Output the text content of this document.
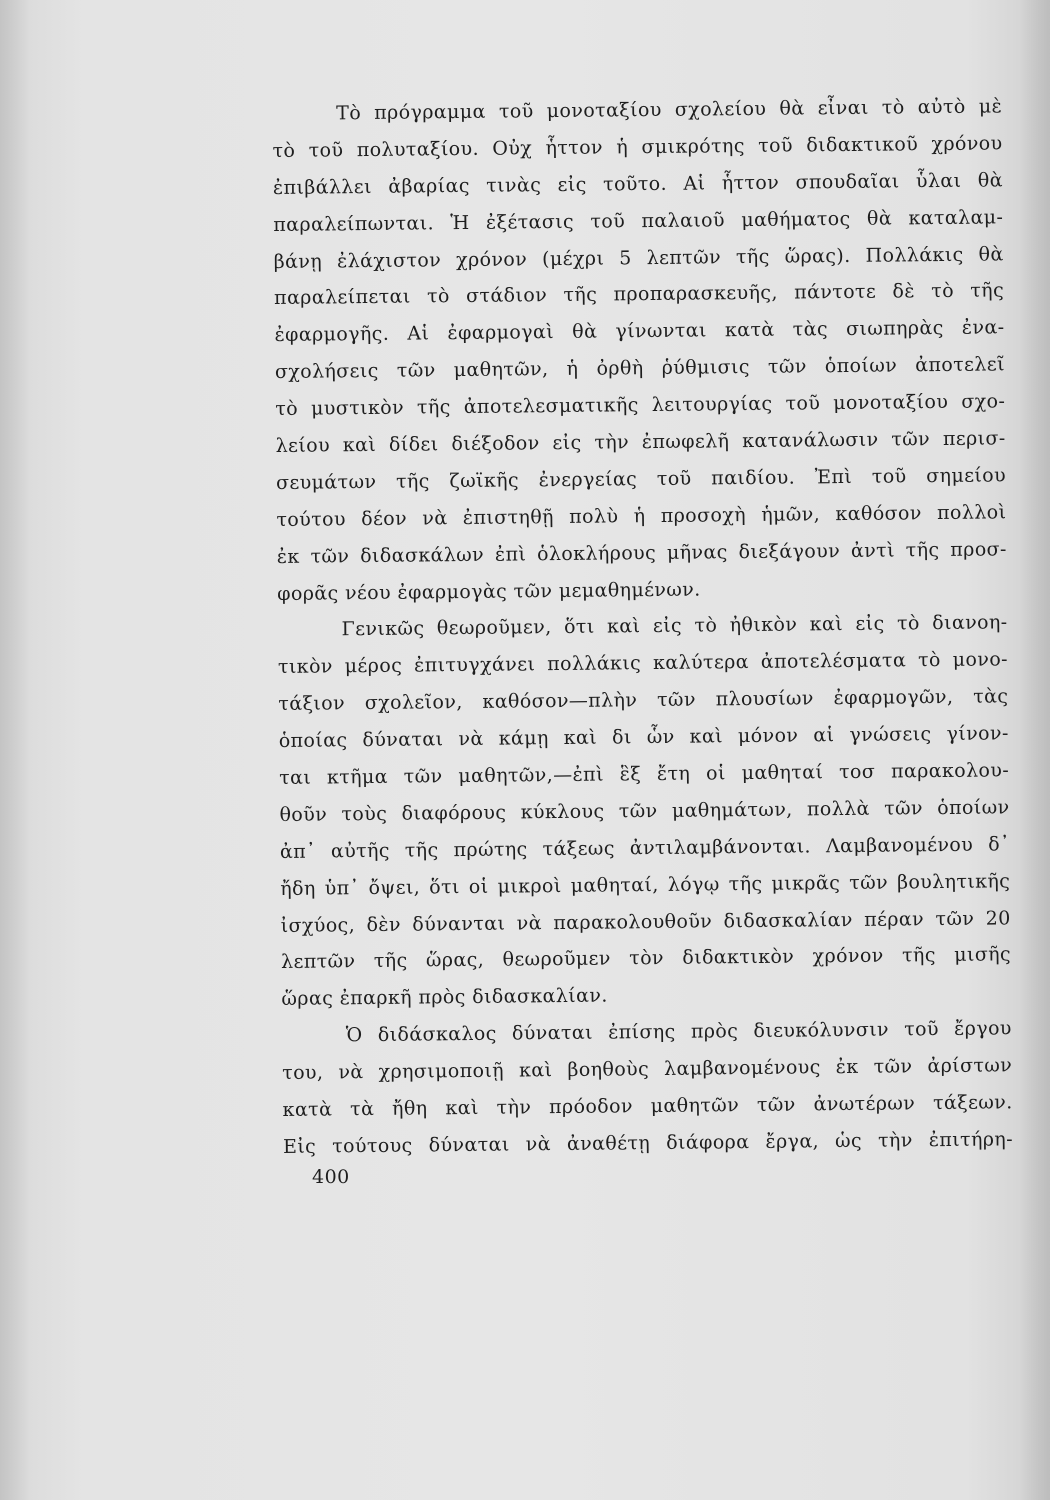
Τὸ πρόγραμμα τοῦ μονοταξίου σχολείου θὰ εἶναι τὸ αὐτὸ μὲ
τὸ τοῦ πολυταξίου. Οὐχ ἧττον ἡ σμικρότης τοῦ διδακτικοῦ χρόνου
ἐπιβάλλει ἀβαρίας τινὰς εἰς τοῦτο. Αἱ ἧττον σπουδαῖαι ὗλαι θὰ
παραλείπωνται. Ἡ ἐξέτασις τοῦ παλαιοῦ μαθήματος θὰ καταλαμ-
βάνῃ ἐλάχιστον χρόνον (μέχρι 5 λεπτῶν τῆς ὥρας). Πολλάκις θὰ
παραλείπεται τὸ στάδιον τῆς προπαρασκευῆς, πάντοτε δὲ τὸ τῆς
ἐφαρμογῆς. Αἱ ἐφαρμογαὶ θὰ γίνωνται κατὰ τὰς σιωπηρὰς ἐνα-
σχολήσεις τῶν μαθητῶν, ἡ ὀρθὴ ῥύθμισις τῶν ὁποίων ἀποτελεῖ
τὸ μυστικὸν τῆς ἀποτελεσματικῆς λειτουργίας τοῦ μονοταξίου σχο-
λείου καὶ δίδει διέξοδον εἰς τὴν ἐπωφελῆ κατανάλωσιν τῶν περισ-
σευμάτων τῆς ζωϊκῆς ἐνεργείας τοῦ παιδίου. Ἐπὶ τοῦ σημείου
τούτου δέον νὰ ἐπιστηθῇ πολὺ ἡ προσοχὴ ἡμῶν, καθόσον πολλοὶ
ἐκ τῶν διδασκάλων ἐπὶ ὁλοκλήρους μῆνας διεξάγουν ἀντὶ τῆς προσ-
φορᾶς νέου ἐφαρμογὰς τῶν μεμαθημένων.
Γενικῶς θεωροῦμεν, ὅτι καὶ εἰς τὸ ἠθικὸν καὶ εἰς τὸ διανοη-
τικὸν μέρος ἐπιτυγχάνει πολλάκις καλύτερα ἀποτελέσματα τὸ μονο-
τάξιον σχολεῖον, καθόσον—πλὴν τῶν πλουσίων ἐφαρμογῶν, τὰς
ὁποίας δύναται νὰ κάμῃ καὶ δι ὧν καὶ μόνον αἱ γνώσεις γίνον-
ται κτῆμα τῶν μαθητῶν,—ἐπὶ ἓξ ἔτη οἱ μαθηταί τοσ παρακολου-
θοῦν τοὺς διαφόρους κύκλους τῶν μαθημάτων, πολλὰ τῶν ὁποίων
ἀπ᾽ αὐτῆς τῆς πρώτης τάξεως ἀντιλαμβάνονται. Λαμβανομένου δ᾽
ἤδη ὑπ᾽ ὄψει, ὅτι οἱ μικροὶ μαθηταί, λόγῳ τῆς μικρᾶς τῶν βουλητικῆς
ἰσχύος, δὲν δύνανται νὰ παρακολουθοῦν διδασκαλίαν πέραν τῶν 20
λεπτῶν τῆς ὥρας, θεωροῦμεν τὸν διδακτικὸν χρόνον τῆς μισῆς
ὥρας ἐπαρκῆ πρὸς διδασκαλίαν.
Ὁ διδάσκαλος δύναται ἐπίσης πρὸς διευκόλυνσιν τοῦ ἔργου
του, νὰ χρησιμοποιῇ καὶ βοηθοὺς λαμβανομένους ἐκ τῶν ἀρίστων
κατὰ τὰ ἤθη καὶ τὴν πρόοδον μαθητῶν τῶν ἀνωτέρων τάξεων.
Εἰς τούτους δύναται νὰ ἀναθέτῃ διάφορα ἔργα, ὡς τὴν ἐπιτήρη-
400
